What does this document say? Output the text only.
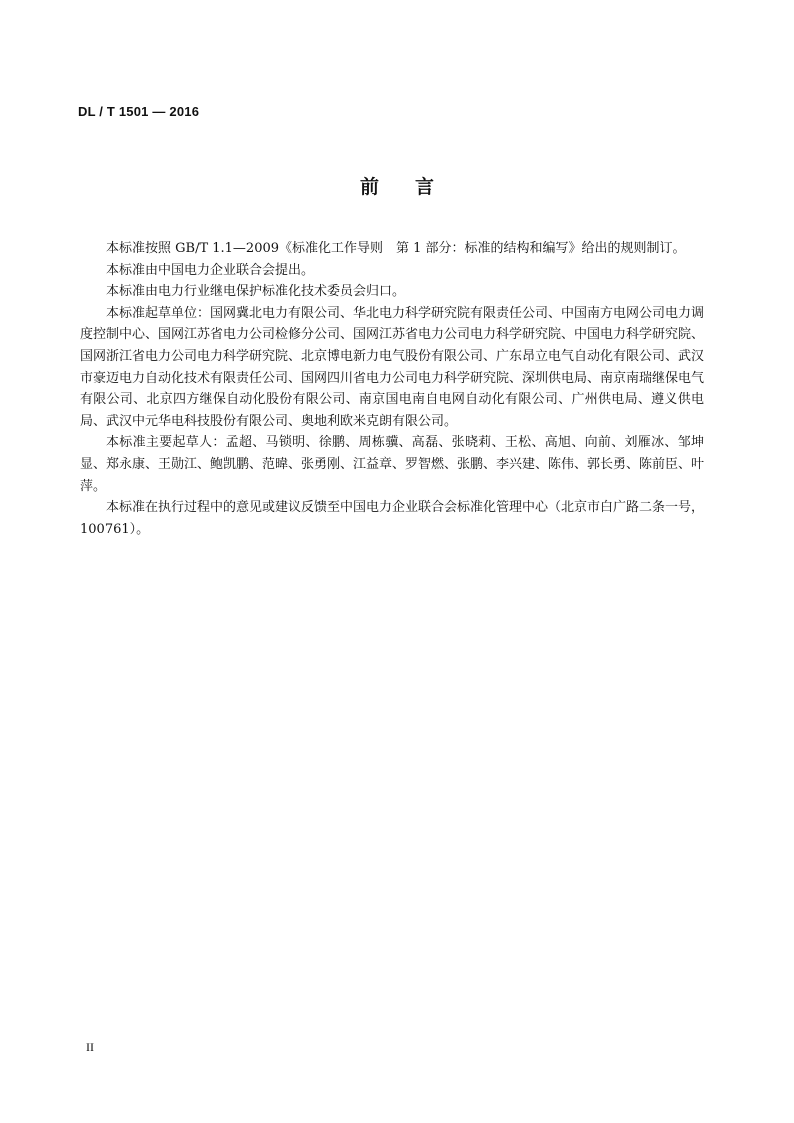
DL / T 1501 — 2016
前言

本标准按照 GB/T 1.1—2009《标准化工作导则　第 1 部分：标准的结构和编写》给出的规则制订。

本标准由中国电力企业联合会提出。

本标准由电力行业继电保护标准化技术委员会归口。

本标准起草单位：国网冀北电力有限公司、华北电力科学研究院有限责任公司、中国南方电网公司电力调度控制中心、国网江苏省电力公司检修分公司、国网江苏省电力公司电力科学研究院、中国电力科学研究院、国网浙江省电力公司电力科学研究院、北京博电新力电气股份有限公司、广东昂立电气自动化有限公司、武汉市豪迈电力自动化技术有限责任公司、国网四川省电力公司电力科学研究院、深圳供电局、南京南瑞继保电气有限公司、北京四方继保自动化股份有限公司、南京国电南自电网自动化有限公司、广州供电局、遵义供电局、武汉中元华电科技股份有限公司、奥地利欧米克朗有限公司。

本标准主要起草人：孟超、马锁明、徐鹏、周栋骥、高磊、张晓莉、王松、高旭、向前、刘雁冰、邹坤显、郑永康、王勋江、鲍凯鹏、范暐、张勇刚、江益章、罗智燃、张鹏、李兴建、陈伟、郭长勇、陈前臣、叶萍。

本标准在执行过程中的意见或建议反馈至中国电力企业联合会标准化管理中心（北京市白广路二条一号，100761）。

II
